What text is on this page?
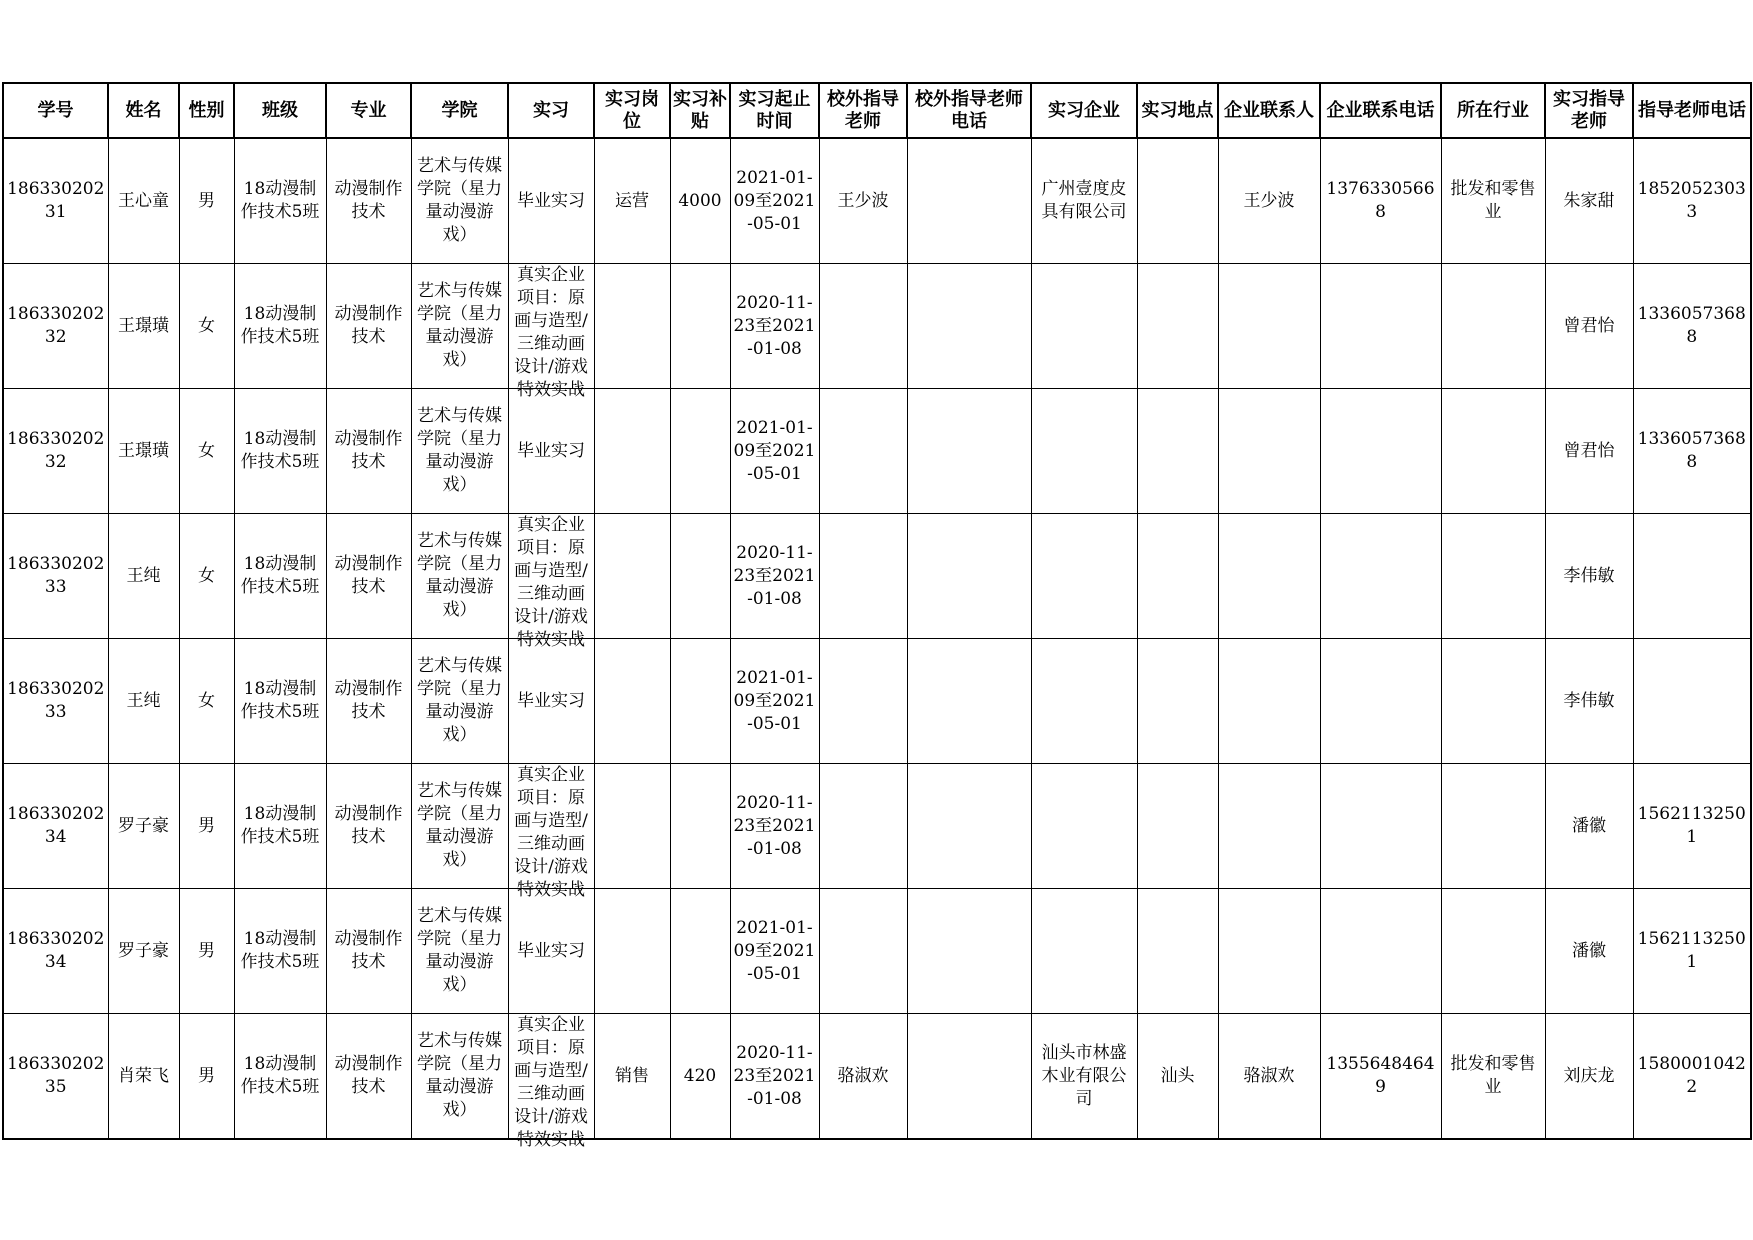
学号	姓名	性别	班级	专业	学院	实习	实习岗位	实习补贴	实习起止时间	校外指导老师	校外指导老师电话	实习企业	实习地点	企业联系人	企业联系电话	所在行业	实习指导老师	指导老师电话

18633020231	王心童	男	18动漫制作技术5班	动漫制作技术	艺术与传媒学院（星力量动漫游戏）	毕业实习	运营	4000	2021-01-09至2021-05-01	王少波		广州壹度皮具有限公司		王少波	13763305668	批发和零售业	朱家甜	18520523033

18633020232	王璟璜	女	18动漫制作技术5班	动漫制作技术	艺术与传媒学院（星力量动漫游戏）	真实企业项目：原画与造型/三维动画设计/游戏特效实战			2020-11-23至2021-01-08								曾君怡	13360573688

18633020232	王璟璜	女	18动漫制作技术5班	动漫制作技术	艺术与传媒学院（星力量动漫游戏）	毕业实习			2021-01-09至2021-05-01								曾君怡	13360573688

18633020233	王纯	女	18动漫制作技术5班	动漫制作技术	艺术与传媒学院（星力量动漫游戏）	真实企业项目：原画与造型/三维动画设计/游戏特效实战			2020-11-23至2021-01-08								李伟敏	

18633020233	王纯	女	18动漫制作技术5班	动漫制作技术	艺术与传媒学院（星力量动漫游戏）	毕业实习			2021-01-09至2021-05-01								李伟敏	

18633020234	罗子豪	男	18动漫制作技术5班	动漫制作技术	艺术与传媒学院（星力量动漫游戏）	真实企业项目：原画与造型/三维动画设计/游戏特效实战			2020-11-23至2021-01-08								潘徽	15621132501

18633020234	罗子豪	男	18动漫制作技术5班	动漫制作技术	艺术与传媒学院（星力量动漫游戏）	毕业实习			2021-01-09至2021-05-01								潘徽	15621132501

18633020235	肖荣飞	男	18动漫制作技术5班	动漫制作技术	艺术与传媒学院（星力量动漫游戏）	真实企业项目：原画与造型/三维动画设计/游戏特效实战	销售	420	2020-11-23至2021-01-08	骆淑欢		汕头市林盛木业有限公司	汕头	骆淑欢	13556484649	批发和零售业	刘庆龙	15800010422
